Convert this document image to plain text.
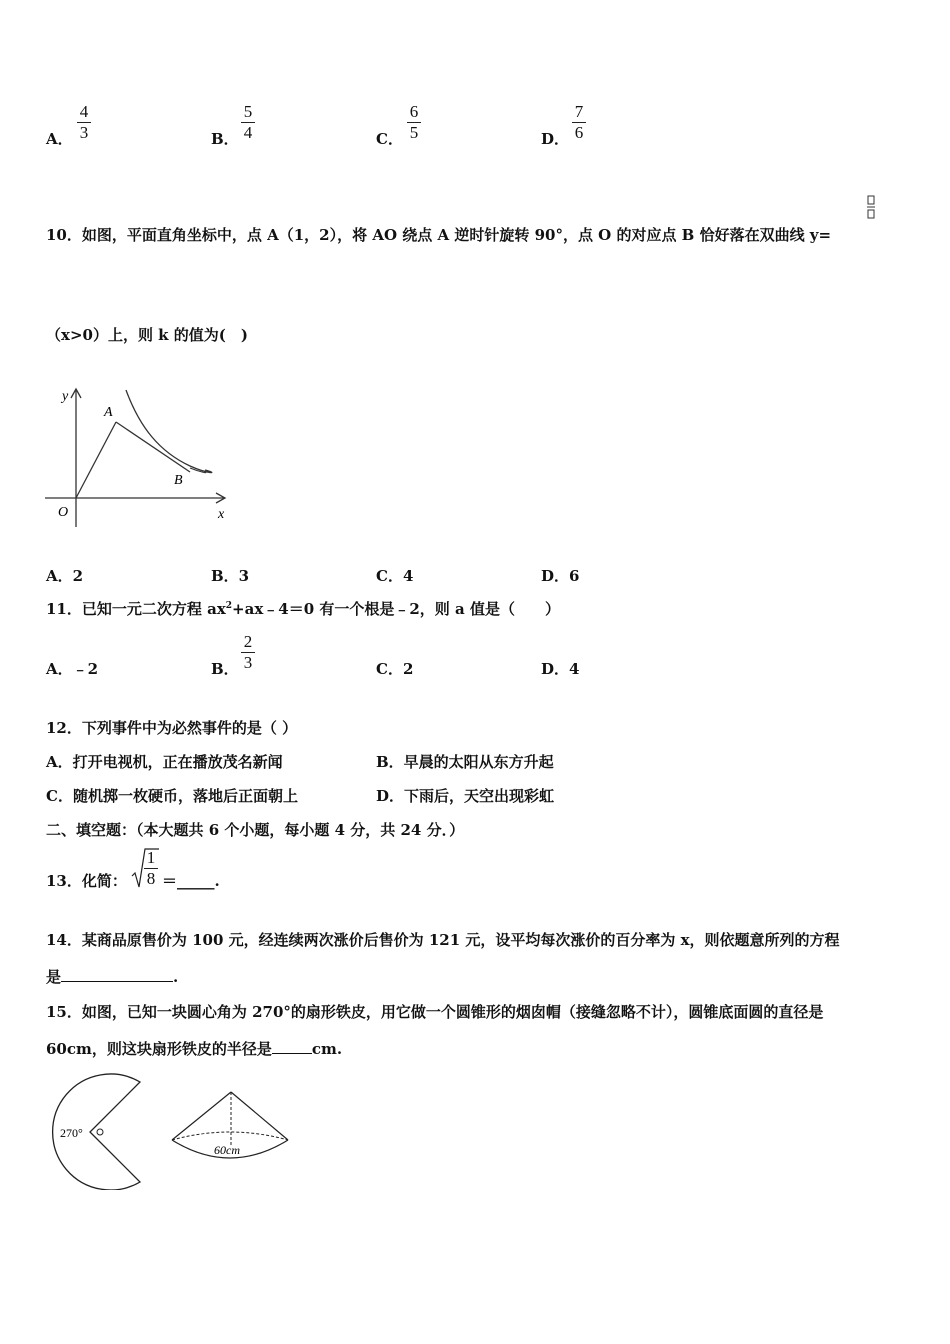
A．
4
3	B．
5
4	C．
6
5	D．
7
6
10．如图，平面直角坐标中，点 A（1，2），将 AO 绕点 A 逆时针旋转 90°，点 O 的对应点 B 恰好落在双曲线 y=
（x>0）上，则 k 的值为(　)
y
A
B
O	x
A．2	B．3	C．4	D．6
11．已知一元二次方程 $ax^2+ax﹣4=0$ 有一个根是﹣2，则 a 值是（　　）
A．﹣2	B．
2
3	C．2	D．4
12．下列事件中为必然事件的是（ ）
A．打开电视机，正在播放茂名新闻	B．早晨的太阳从东方升起
C．随机掷一枚硬币，落地后正面朝上	D．下雨后，天空出现彩虹
二、填空题：（本大题共 6 个小题，每小题 4 分，共 24 分．）
13．化简：
1
8 ＝_____.
14．某商品原售价为 100 元，经连续两次涨价后售价为 121 元，设平均每次涨价的百分率为 x，则依题意所列的方程
是	.
15．如图，已知一块圆心角为 270°的扇形铁皮，用它做一个圆锥形的烟囱帽（接缝忽略不计），圆锥底面圆的直径是
60cm，则这块扇形铁皮的半径是	cm.
270°
60cm
